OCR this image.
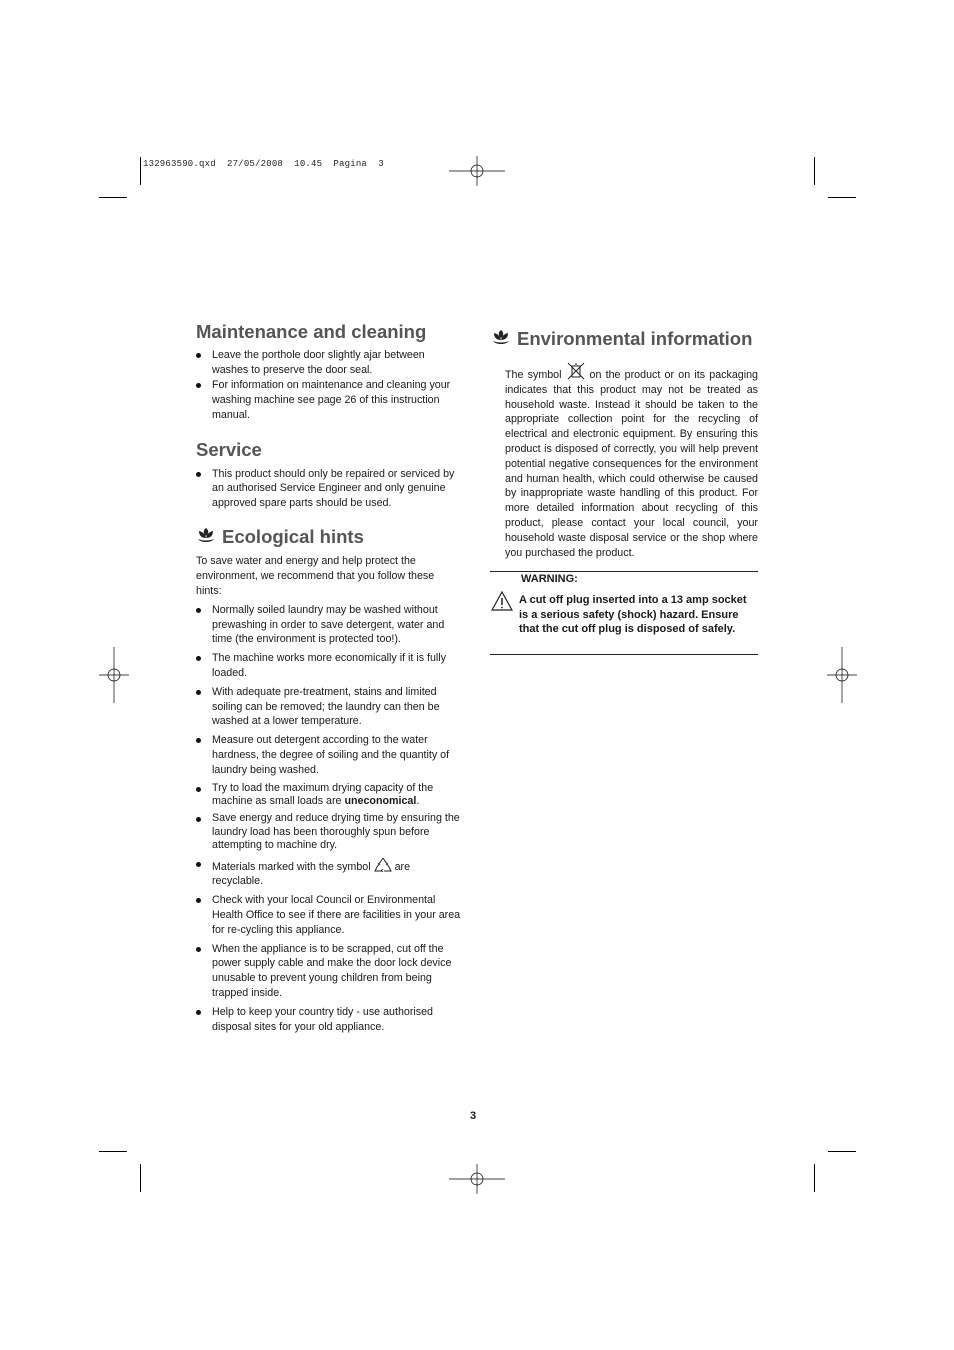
132963590.qxd  27/05/2008  10.45  Pagina  3
Maintenance and cleaning
Leave the porthole door slightly ajar between washes to preserve the door seal.
For information on maintenance and cleaning your washing machine see page 26 of this instruction manual.
Service
This product should only be repaired or serviced by an authorised Service Engineer and only genuine approved spare parts should be used.
Ecological hints

To save water and energy and help protect the environment, we recommend that you follow these hints:

Normally soiled laundry may be washed without prewashing in order to save detergent, water and time (the environment is protected too!).
The machine works more economically if it is fully loaded.
With adequate pre-treatment, stains and limited soiling can be removed; the laundry can then be washed at a lower temperature.
Measure out detergent according to the water hardness, the degree of soiling and the quantity of laundry being washed.
Try to load the maximum drying capacity of the machine as small loads are uneconomical.
Save energy and reduce drying time by ensuring the laundry load has been thoroughly spun before attempting to machine dry.
Materials marked with the symbol are recyclable.
Check with your local Council or Environmental Health Office to see if there are facilities in your area for re-cycling this appliance.
When the appliance is to be scrapped, cut off the power supply cable and make the door lock device unusable to prevent young children from being trapped inside.
Help to keep your country tidy - use authorised disposal sites for your old appliance.
Environmental information
The symbol	on the product or on its packaging indicates that this product may not be treated as household waste. Instead it should be taken to the appropriate collection point for the recycling of electrical and electronic equipment. By ensuring this product is disposed of correctly, you will help prevent potential negative consequences for the environment and human health, which could otherwise be caused by inappropriate waste handling of this product. For more detailed information about recycling of this product, please contact your local council, your household waste disposal service or the shop where you purchased the product.
WARNING:
A cut off plug inserted into a 13 amp socket is a serious safety (shock) hazard. Ensure that the cut off plug is disposed of safely.
3
